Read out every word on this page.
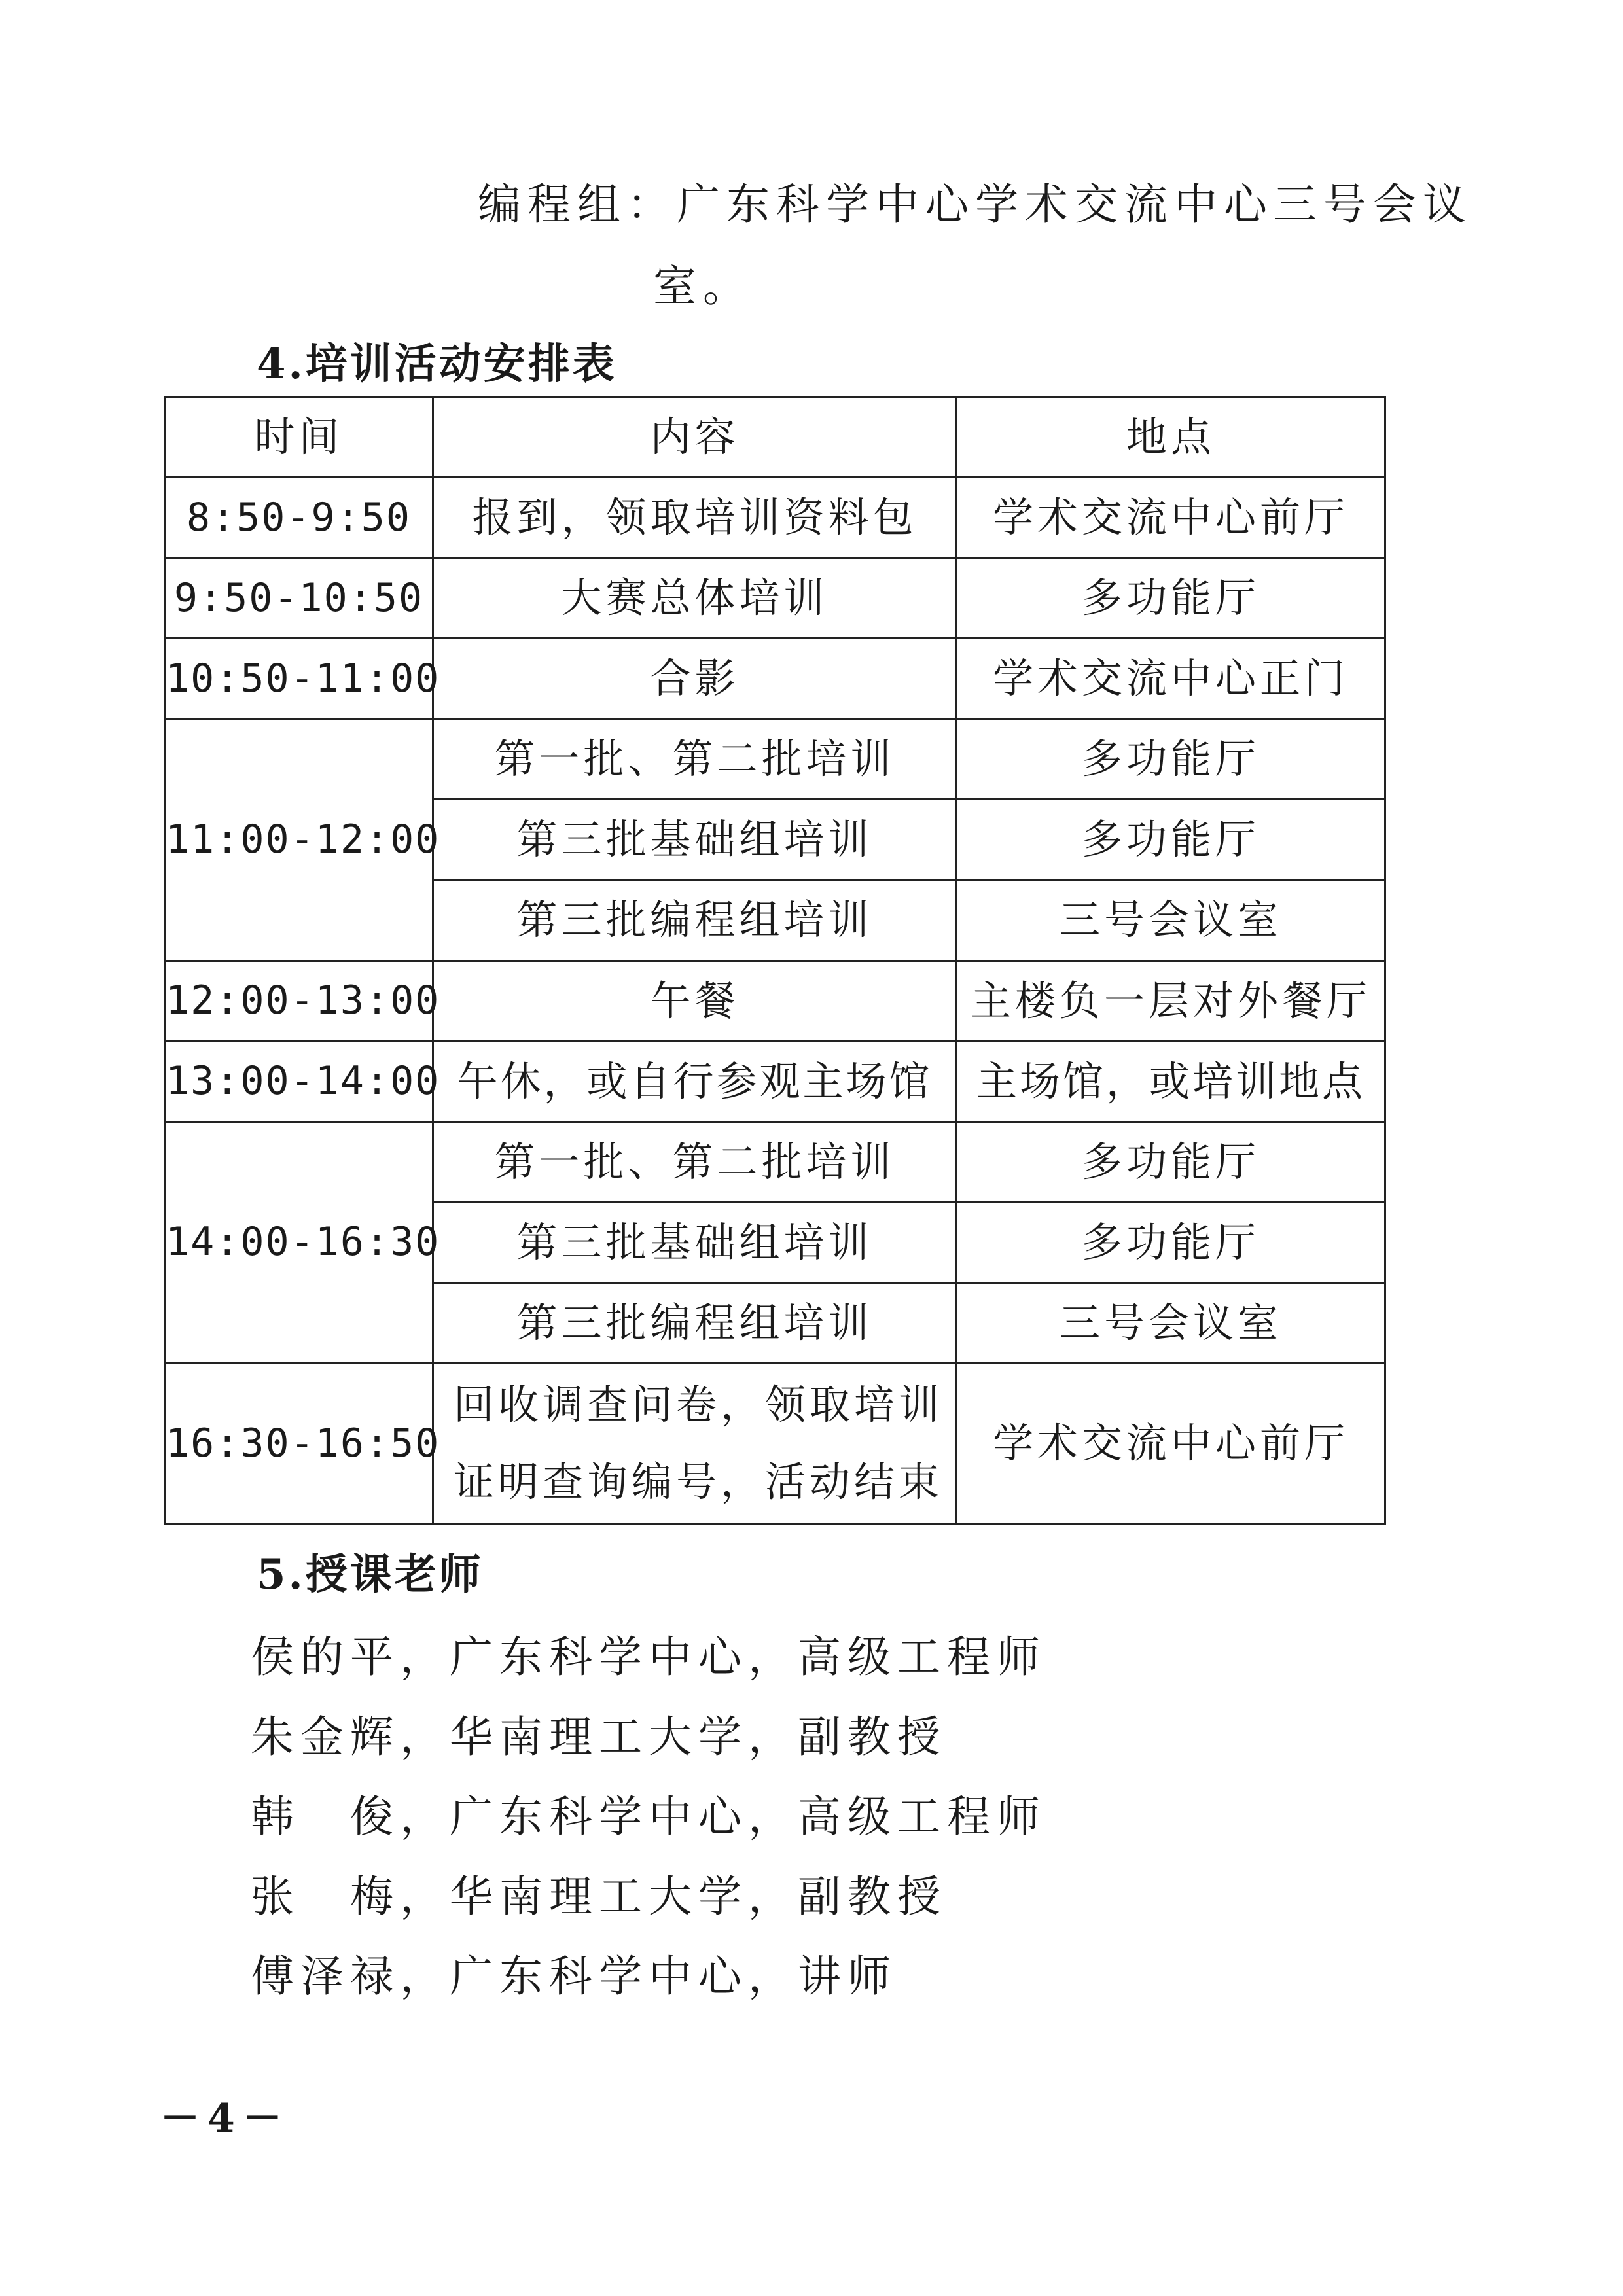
编程组：广东科学中心学术交流中心三号会议
室。
4.培训活动安排表
时间	内容	地点
8:50-9:50	报到，领取培训资料包	学术交流中心前厅
9:50-10:50	大赛总体培训	多功能厅
10:50-11:00	合影	学术交流中心正门
11:00-12:00	第一批、第二批培训	多功能厅
	第三批基础组培训	多功能厅
	第三批编程组培训	三号会议室
12:00-13:00	午餐	主楼负一层对外餐厅
13:00-14:00	午休，或自行参观主场馆	主场馆，或培训地点
14:00-16:30	第一批、第二批培训	多功能厅
	第三批基础组培训	多功能厅
	第三批编程组培训	三号会议室
16:30-16:50	回收调查问卷，领取培训证明查询编号，活动结束	学术交流中心前厅
5.授课老师
侯的平，广东科学中心，高级工程师
朱金辉，华南理工大学，副教授
韩　俊，广东科学中心，高级工程师
张　梅，华南理工大学，副教授
傅泽禄，广东科学中心，讲师
－4－
